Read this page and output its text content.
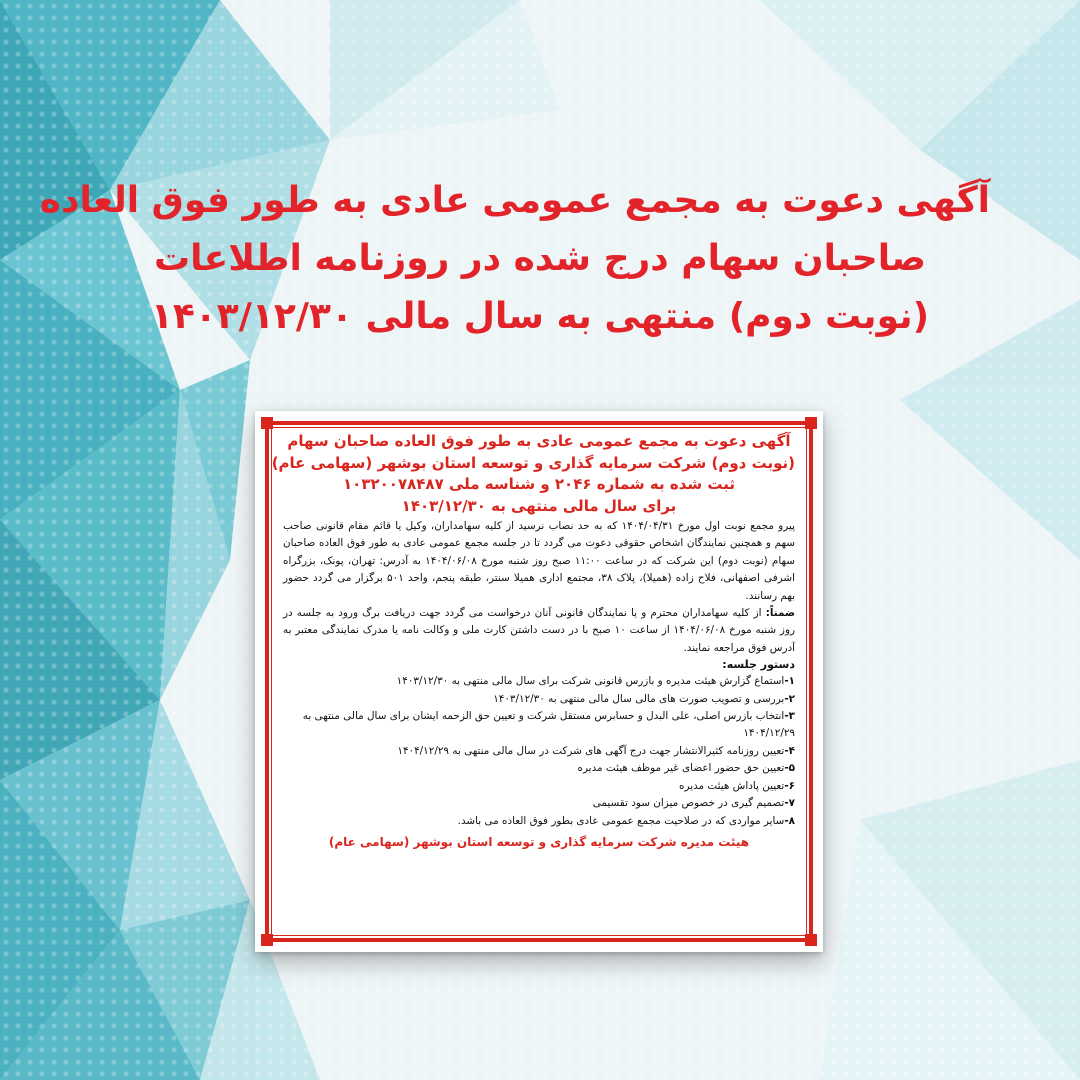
آگهی دعوت به مجمع عمومی عادی به طور فوق العاده
صاحبان سهام درج شده در روزنامه اطلاعات
(نوبت دوم) منتهی به سال مالی ۱۴۰۳/۱۲/۳۰
آگهی دعوت به مجمع عمومی عادی به طور فوق العاده صاحبان سهام
(نوبت دوم) شرکت سرمایه گذاری و توسعه استان بوشهر (سهامی عام)
ثبت شده به شماره ۲۰۴۶ و شناسه ملی ۱۰۳۲۰۰۷۸۴۸۷
برای سال مالی منتهی به ۱۴۰۳/۱۲/۳۰

پیرو مجمع نوبت اول مورخ ۱۴۰۴/۰۴/۳۱ که به حد نصاب نرسید از کلیه سهامداران، وکیل یا قائم مقام قانونی صاحب سهم و همچنین نمایندگان اشخاص حقوقی دعوت می گردد تا در جلسه مجمع عمومی عادی به طور فوق العاده صاحبان سهام (نوبت دوم) این شرکت که در ساعت ۱۱:۰۰ صبح روز شنبه مورخ ۱۴۰۴/۰۶/۰۸ به آدرس: تهران، پونک، بزرگراه اشرفی اصفهانی، فلاح زاده (همیلا)، پلاک ۳۸، مجتمع اداری همیلا سنتر، طبقه پنجم، واحد ۵۰۱ برگزار می گردد حضور بهم رسانند.

ضمناً: از کلیه سهامداران محترم و یا نمایندگان قانونی آنان درخواست می گردد جهت دریافت برگ ورود به جلسه در روز شنبه مورخ ۱۴۰۴/۰۶/۰۸ از ساعت ۱۰ صبح با در دست داشتن کارت ملی و وکالت نامه یا مدرک نمایندگی معتبر به آدرس فوق مراجعه نمایند.

دستور جلسه:
۱-استماع گزارش هیئت مدیره و بازرس قانونی شرکت برای سال مالی منتهی به ۱۴۰۳/۱۲/۳۰
۲-بررسی و تصویب صورت های مالی سال مالی منتهی به ۱۴۰۳/۱۲/۳۰
۳-انتخاب بازرس اصلی، علی البدل و حسابرس مستقل شرکت و تعیین حق الزحمه ایشان برای سال مالی منتهی به ۱۴۰۴/۱۲/۲۹
۴-تعیین روزنامه کثیرالانتشار جهت درج آگهی های شرکت در سال مالی منتهی به ۱۴۰۴/۱۲/۲۹
۵-تعیین حق حضور اعضای غیر موظف هیئت مدیره
۶-تعیین پاداش هیئت مدیره
۷-تصمیم گیری در خصوص میزان سود تقسیمی
۸-سایر مواردی که در صلاحیت مجمع عمومی عادی بطور فوق العاده می باشد.
هیئت مدیره شرکت سرمایه گذاری و توسعه استان بوشهر (سهامی عام)
